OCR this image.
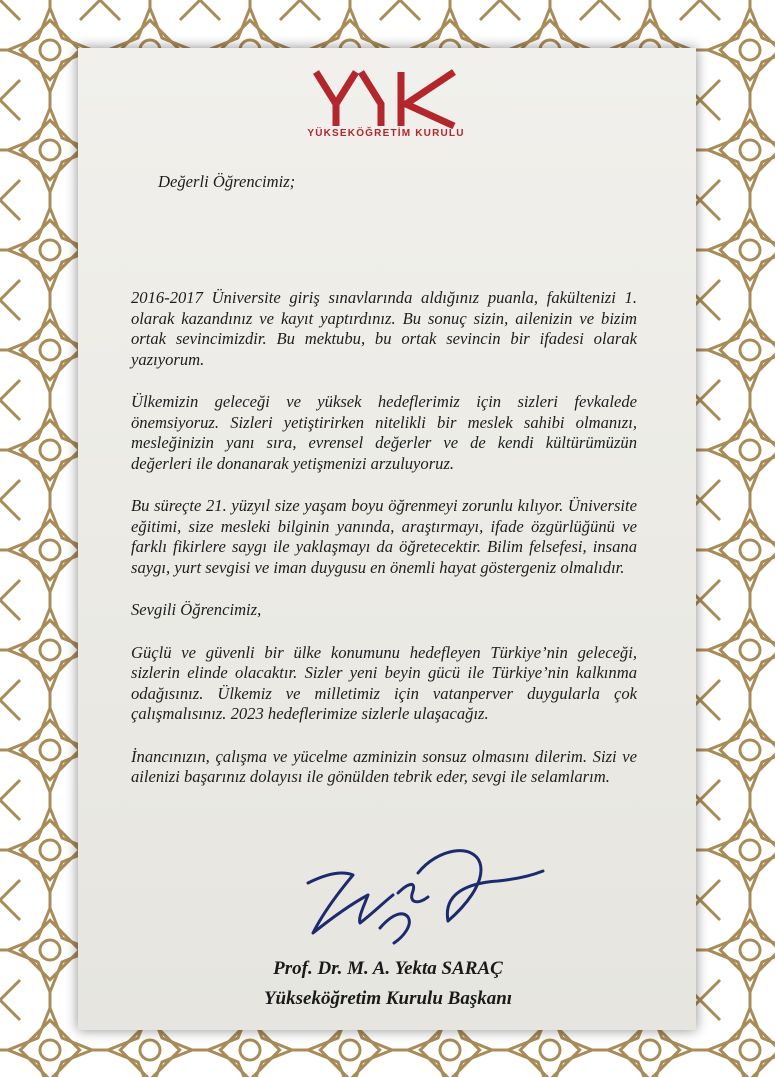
YÜKSEKÖĞRETİM KURULU
Değerli Öğrencimiz;

2016-2017 Üniversite giriş sınavlarında aldığınız puanla, fakültenizi 1. olarak kazandınız ve kayıt yaptırdınız. Bu sonuç sizin, ailenizin ve bizim ortak sevincimizdir. Bu mektubu, bu ortak sevincin bir ifadesi olarak yazıyorum.

Ülkemizin geleceği ve yüksek hedeflerimiz için sizleri fevkalede önemsiyoruz. Sizleri yetiştirirken nitelikli bir meslek sahibi olmanızı, mesleğinizin yanı sıra, evrensel değerler ve de kendi kültürümüzün değerleri ile donanarak yetişmenizi arzuluyoruz.

Bu süreçte 21. yüzyıl size yaşam boyu öğrenmeyi zorunlu kılıyor. Üniversite eğitimi, size mesleki bilginin yanında, araştırmayı, ifade özgürlüğünü ve farklı fikirlere saygı ile yaklaşmayı da öğretecektir. Bilim felsefesi, insana saygı, yurt sevgisi ve iman duygusu en önemli hayat göstergeniz olmalıdır.

Sevgili Öğrencimiz,

Güçlü ve güvenli bir ülke konumunu hedefleyen Türkiye’nin geleceği, sizlerin elinde olacaktır. Sizler yeni beyin gücü ile Türkiye’nin kalkınma odağısınız. Ülkemiz ve milletimiz için vatanperver duygularla çok çalışmalısınız. 2023 hedeflerimize sizlerle ulaşacağız.

İnancınızın, çalışma ve yücelme azminizin sonsuz olmasını dilerim. Sizi ve ailenizi başarınız dolayısı ile gönülden tebrik eder, sevgi ile selamlarım.

Prof. Dr. M. A. Yekta SARAÇ
Yükseköğretim Kurulu Başkanı
